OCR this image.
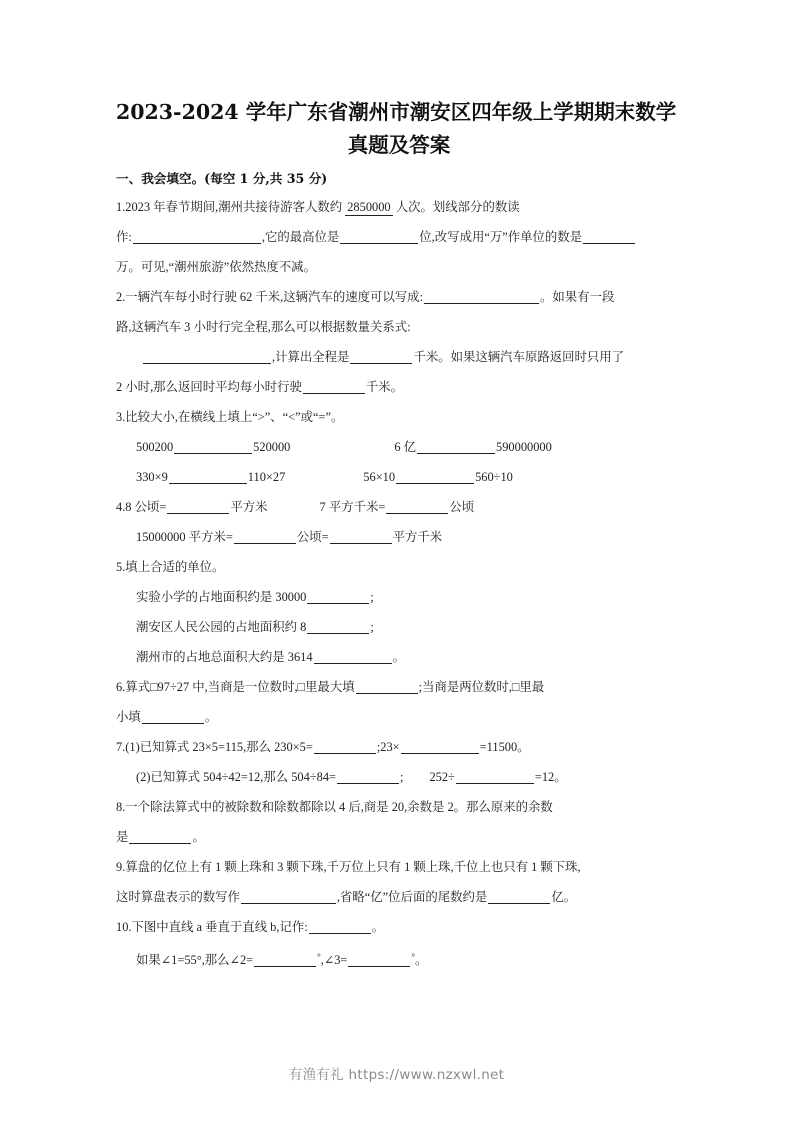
2023-2024 学年广东省潮州市潮安区四年级上学期期末数学
真题及答案
一、我会填空。(每空 1 分,共 35 分)
1.2023 年春节期间,潮州共接待游客人数约 2850000 人次。划线部分的数读
作:	,它的最高位是	位,改写成用“万”作单位的数是
万。可见,“潮州旅游”依然热度不减。
2.一辆汽车每小时行驶 62 千米,这辆汽车的速度可以写成:	。如果有一段
路,这辆汽车 3 小时行完全程,那么可以根据数量关系式:
,计算出全程是	千米。如果这辆汽车原路返回时只用了
2 小时,那么返回时平均每小时行驶	千米。
3.比较大小,在横线上填上“>”、“<”或“=”。
500200	520000	6 亿	590000000
330×9	110×27	56×10	560÷10
4.8 公顷=	平方米	7 平方千米=	公顷
15000000 平方米=	公顷=	平方千米
5.填上合适的单位。
实验小学的占地面积约是 30000	;
潮安区人民公园的占地面积约 8	;
潮州市的占地总面积大约是 3614	。
6.算式□97÷27 中,当商是一位数时,□里最大填	;当商是两位数时,□里最
小填	。
7.(1)已知算式 23×5=115,那么 230×5=	;23×	=11500。
(2)已知算式 504÷42=12,那么 504÷84=	; 252÷	=12。
8.一个除法算式中的被除数和除数都除以 4 后,商是 20,余数是 2。那么原来的余数
是	。
9.算盘的亿位上有 1 颗上珠和 3 颗下珠,千万位上只有 1 颗上珠,千位上也只有 1 颗下珠,
这时算盘表示的数写作	,省略“亿”位后面的尾数约是	亿。
10.下图中直线 a 垂直于直线 b,记作:	。
如果∠1=55°,那么∠2=	°,∠3=	°。
有渔有礼 https://www.nzxwl.net
